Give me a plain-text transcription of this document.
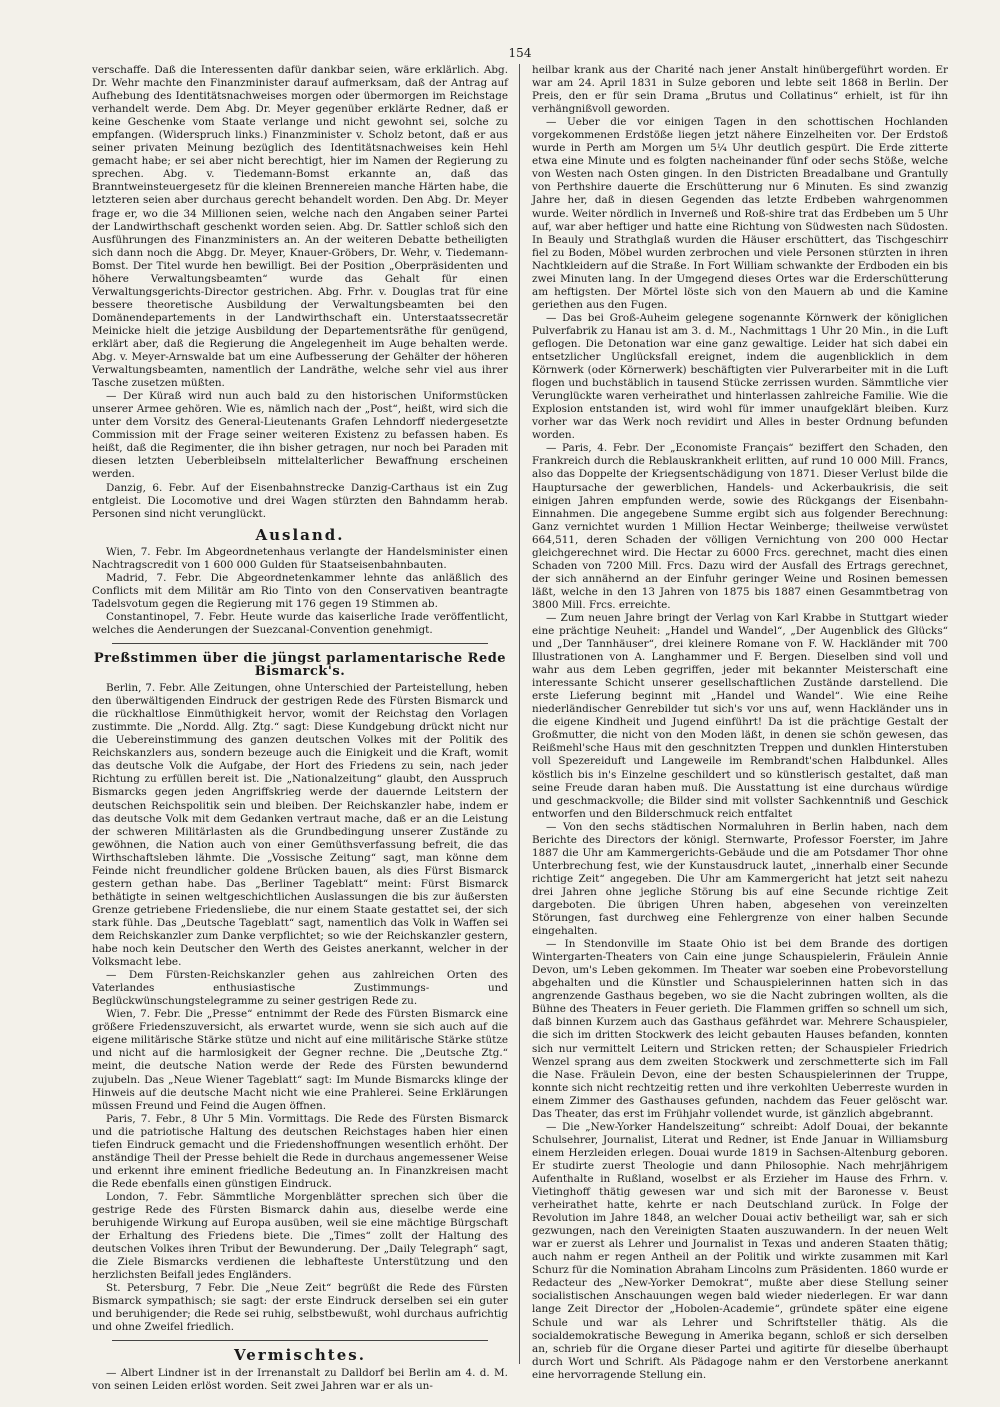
154

verschaffe. Daß die Interessenten dafür dankbar seien, wäre erklärlich. Abg. Dr. Wehr machte den Finanzminister darauf aufmerksam, daß der Antrag auf Aufhebung des Identitätsnachweises morgen oder übermorgen im Reichstage verhandelt werde. Dem Abg. Dr. Meyer gegenüber erklärte Redner, daß er keine Geschenke vom Staate verlange und nicht gewohnt sei, solche zu empfangen. (Widerspruch links.) Finanzminister v. Scholz betont, daß er aus seiner privaten Meinung bezüglich des Identitätsnachweises kein Hehl gemacht habe; er sei aber nicht berechtigt, hier im Namen der Regierung zu sprechen. Abg. v. Tiedemann-Bomst erkannte an, daß das Branntweinsteuergesetz für die kleinen Brennereien manche Härten habe, die letzteren seien aber durchaus gerecht behandelt worden. Den Abg. Dr. Meyer frage er, wo die 34 Millionen seien, welche nach den Angaben seiner Partei der Landwirthschaft geschenkt worden seien. Abg. Dr. Sattler schloß sich den Ausführungen des Finanzministers an. An der weiteren Debatte betheiligten sich dann noch die Abgg. Dr. Meyer, Knauer-Gröbers, Dr. Wehr, v. Tiedemann-Bomst. Der Titel wurde hen bewilligt. Bei der Position „Oberpräsidenten und höhere Verwaltungsbeamten“ wurde das Gehalt für einen Verwaltungsgerichts-Director gestrichen. Abg. Frhr. v. Douglas trat für eine bessere theoretische Ausbildung der Verwaltungsbeamten bei den Domänendepartements in der Landwirthschaft ein. Unterstaatssecretär Meinicke hielt die jetzige Ausbildung der Departementsräthe für genügend, erklärt aber, daß die Regierung die Angelegenheit im Auge behalten werde. Abg. v. Meyer-Arnswalde bat um eine Aufbesserung der Gehälter der höheren Verwaltungsbeamten, namentlich der Landräthe, welche sehr viel aus ihrer Tasche zusetzen müßten.

— Der Küraß wird nun auch bald zu den historischen Uniformstücken unserer Armee gehören. Wie es, nämlich nach der „Post“, heißt, wird sich die unter dem Vorsitz des General-Lieutenants Grafen Lehndorff niedergesetzte Commission mit der Frage seiner weiteren Existenz zu befassen haben. Es heißt, daß die Regimenter, die ihn bisher getragen, nur noch bei Paraden mit diesen letzten Ueberbleibseln mittelalterlicher Bewaffnung erscheinen werden.

Danzig, 6. Febr. Auf der Eisenbahnstrecke Danzig-Carthaus ist ein Zug entgleist. Die Locomotive und drei Wagen stürzten den Bahndamm herab. Personen sind nicht verunglückt.

Ausland.

Wien, 7. Febr. Im Abgeordnetenhaus verlangte der Handelsminister einen Nachtragscredit von 1 600 000 Gulden für Staatseisenbahnbauten.

Madrid, 7. Febr. Die Abgeordnetenkammer lehnte das anläßlich des Conflicts mit dem Militär am Rio Tinto von den Conservativen beantragte Tadelsvotum gegen die Regierung mit 176 gegen 19 Stimmen ab.

Constantinopel, 7. Febr. Heute wurde das kaiserliche Irade veröffentlicht, welches die Aenderungen der Suezcanal-Convention genehmigt.

Preßstimmen über die jüngst parlamentarische Rede Bismarck's.

Berlin, 7. Febr. Alle Zeitungen, ohne Unterschied der Parteistellung, heben den überwältigenden Eindruck der gestrigen Rede des Fürsten Bismarck und die rückhaltlose Einmüthigkeit hervor, womit der Reichstag den Vorlagen zustimmte. Die „Nordd. Allg. Ztg.“ sagt: Diese Kundgebung drückt nicht nur die Uebereinstimmung des ganzen deutschen Volkes mit der Politik des Reichskanzlers aus, sondern bezeuge auch die Einigkeit und die Kraft, womit das deutsche Volk die Aufgabe, der Hort des Friedens zu sein, nach jeder Richtung zu erfüllen bereit ist. Die „Nationalzeitung“ glaubt, den Ausspruch Bismarcks gegen jeden Angriffskrieg werde der dauernde Leitstern der deutschen Reichspolitik sein und bleiben. Der Reichskanzler habe, indem er das deutsche Volk mit dem Gedanken vertraut mache, daß er an die Leistung der schweren Militärlasten als die Grundbedingung unserer Zustände zu gewöhnen, die Nation auch von einer Gemüthsverfassung befreit, die das Wirthschaftsleben lähmte. Die „Vossische Zeitung“ sagt, man könne dem Feinde nicht freundlicher goldene Brücken bauen, als dies Fürst Bismarck gestern gethan habe. Das „Berliner Tageblatt“ meint: Fürst Bismarck bethätigte in seinen weltgeschichtlichen Auslassungen die bis zur äußersten Grenze getriebene Friedensliebe, die nur einem Staate gestattet sei, der sich stark fühle. Das „Deutsche Tageblatt“ sagt, namentlich das Volk in Waffen sei dem Reichskanzler zum Danke verpflichtet; so wie der Reichskanzler gestern, habe noch kein Deutscher den Werth des Geistes anerkannt, welcher in der Volksmacht lebe.

— Dem Fürsten-Reichskanzler gehen aus zahlreichen Orten des Vaterlandes enthusiastische Zustimmungs- und Beglückwünschungstelegramme zu seiner gestrigen Rede zu.

Wien, 7. Febr. Die „Presse“ entnimmt der Rede des Fürsten Bismarck eine größere Friedenszuversicht, als erwartet wurde, wenn sie sich auch auf die eigene militärische Stärke stütze und nicht auf eine militärische Stärke stütze und nicht auf die harmlosigkeit der Gegner rechne. Die „Deutsche Ztg.“ meint, die deutsche Nation werde der Rede des Fürsten bewundernd zujubeln. Das „Neue Wiener Tageblatt“ sagt: Im Munde Bismarcks klinge der Hinweis auf die deutsche Macht nicht wie eine Prahlerei. Seine Erklärungen müssen Freund und Feind die Augen öffnen.

Paris, 7. Febr., 8 Uhr 5 Min. Vormittags. Die Rede des Fürsten Bismarck und die patriotische Haltung des deutschen Reichstages haben hier einen tiefen Eindruck gemacht und die Friedenshoffnungen wesentlich erhöht. Der anständige Theil der Presse behielt die Rede in durchaus angemessener Weise und erkennt ihre eminent friedliche Bedeutung an. In Finanzkreisen macht die Rede ebenfalls einen günstigen Eindruck.

London, 7. Febr. Sämmtliche Morgenblätter sprechen sich über die gestrige Rede des Fürsten Bismarck dahin aus, dieselbe werde eine beruhigende Wirkung auf Europa ausüben, weil sie eine mächtige Bürgschaft der Erhaltung des Friedens biete. Die „Times“ zollt der Haltung des deutschen Volkes ihren Tribut der Bewunderung. Der „Daily Telegraph“ sagt, die Ziele Bismarcks verdienen die lebhafteste Unterstützung und den herzlichsten Beifall jedes Engländers.

St. Petersburg, 7 Febr. Die „Neue Zeit“ begrüßt die Rede des Fürsten Bismarck sympathisch; sie sagt: der erste Eindruck derselben sei ein guter und beruhigender; die Rede sei ruhig, selbstbewußt, wohl durchaus aufrichtig und ohne Zweifel friedlich.

Vermischtes.

— Albert Lindner ist in der Irrenanstalt zu Dalldorf bei Berlin am 4. d. M. von seinen Leiden erlöst worden. Seit zwei Jahren war er als un-

heilbar krank aus der Charité nach jener Anstalt hinübergeführt worden. Er war am 24. April 1831 in Sulze geboren und lebte seit 1868 in Berlin. Der Preis, den er für sein Drama „Brutus und Collatinus“ erhielt, ist für ihn verhängnißvoll geworden.

— Ueber die vor einigen Tagen in den schottischen Hochlanden vorgekommenen Erdstöße liegen jetzt nähere Einzelheiten vor. Der Erdstoß wurde in Perth am Morgen um 5¼ Uhr deutlich gespürt. Die Erde zitterte etwa eine Minute und es folgten nacheinander fünf oder sechs Stöße, welche von Westen nach Osten gingen. In den Districten Breadalbane und Grantully von Perthshire dauerte die Erschütterung nur 6 Minuten. Es sind zwanzig Jahre her, daß in diesen Gegenden das letzte Erdbeben wahrgenommen wurde. Weiter nördlich in Inverneß und Roß-shire trat das Erdbeben um 5 Uhr auf, war aber heftiger und hatte eine Richtung von Südwesten nach Südosten. In Beauly und Strathglaß wurden die Häuser erschüttert, das Tischgeschirr fiel zu Boden, Möbel wurden zerbrochen und viele Personen stürzten in ihren Nachtkleidern auf die Straße. In Fort William schwankte der Erdboden ein bis zwei Minuten lang. In der Umgegend dieses Ortes war die Erderschütterung am heftigsten. Der Mörtel löste sich von den Mauern ab und die Kamine geriethen aus den Fugen.

— Das bei Groß-Auheim gelegene sogenannte Körnwerk der königlichen Pulverfabrik zu Hanau ist am 3. d. M., Nachmittags 1 Uhr 20 Min., in die Luft geflogen. Die Detonation war eine ganz gewaltige. Leider hat sich dabei ein entsetzlicher Unglücksfall ereignet, indem die augenblicklich in dem Körnwerk (oder Körnerwerk) beschäftigten vier Pulverarbeiter mit in die Luft flogen und buchstäblich in tausend Stücke zerrissen wurden. Sämmtliche vier Verunglückte waren verheirathet und hinterlassen zahlreiche Familie. Wie die Explosion entstanden ist, wird wohl für immer unaufgeklärt bleiben. Kurz vorher war das Werk noch revidirt und Alles in bester Ordnung befunden worden.

— Paris, 4. Febr. Der „Economiste Français“ beziffert den Schaden, den Frankreich durch die Reblauskrankheit erlitten, auf rund 10 000 Mill. Francs, also das Doppelte der Kriegsentschädigung von 1871. Dieser Verlust bilde die Hauptursache der gewerblichen, Handels- und Ackerbaukrisis, die seit einigen Jahren empfunden werde, sowie des Rückgangs der Eisenbahn-Einnahmen. Die angegebene Summe ergibt sich aus folgender Berechnung: Ganz vernichtet wurden 1 Million Hectar Weinberge; theilweise verwüstet 664,511, deren Schaden der völligen Vernichtung von 200 000 Hectar gleichgerechnet wird. Die Hectar zu 6000 Frcs. gerechnet, macht dies einen Schaden von 7200 Mill. Frcs. Dazu wird der Ausfall des Ertrags gerechnet, der sich annähernd an der Einfuhr geringer Weine und Rosinen bemessen läßt, welche in den 13 Jahren von 1875 bis 1887 einen Gesammtbetrag von 3800 Mill. Frcs. erreichte.

— Zum neuen Jahre bringt der Verlag von Karl Krabbe in Stuttgart wieder eine prächtige Neuheit: „Handel und Wandel“, „Der Augenblick des Glücks“ und „Der Tannhäuser“, drei kleinere Romane von F. W. Hackländer mit 700 Illustrationen von A. Langhammer und F. Bergen. Dieselben sind voll und wahr aus dem Leben gegriffen, jeder mit bekannter Meisterschaft eine interessante Schicht unserer gesellschaftlichen Zustände darstellend. Die erste Lieferung beginnt mit „Handel und Wandel“. Wie eine Reihe niederländischer Genrebilder tut sich's vor uns auf, wenn Hackländer uns in die eigene Kindheit und Jugend einführt! Da ist die prächtige Gestalt der Großmutter, die nicht von den Moden läßt, in denen sie schön gewesen, das Reißmehl'sche Haus mit den geschnitzten Treppen und dunklen Hinterstuben voll Spezereiduft und Langeweile im Rembrandt'schen Halbdunkel. Alles köstlich bis in's Einzelne geschildert und so künstlerisch gestaltet, daß man seine Freude daran haben muß. Die Ausstattung ist eine durchaus würdige und geschmackvolle; die Bilder sind mit vollster Sachkenntniß und Geschick entworfen und den Bilderschmuck reich entfaltet

— Von den sechs städtischen Normaluhren in Berlin haben, nach dem Berichte des Directors der königl. Sternwarte, Professor Foerster, im Jahre 1887 die Uhr am Kammergerichts-Gebäude und die am Potsdamer Thor ohne Unterbrechung fest, wie der Kunstausdruck lautet, „innerhalb einer Secunde richtige Zeit“ angegeben. Die Uhr am Kammergericht hat jetzt seit nahezu drei Jahren ohne jegliche Störung bis auf eine Secunde richtige Zeit dargeboten. Die übrigen Uhren haben, abgesehen von vereinzelten Störungen, fast durchweg eine Fehlergrenze von einer halben Secunde eingehalten.

— In Stendonville im Staate Ohio ist bei dem Brande des dortigen Wintergarten-Theaters von Cain eine junge Schauspielerin, Fräulein Annie Devon, um's Leben gekommen. Im Theater war soeben eine Probevorstellung abgehalten und die Künstler und Schauspielerinnen hatten sich in das angrenzende Gasthaus begeben, wo sie die Nacht zubringen wollten, als die Bühne des Theaters in Feuer gerieth. Die Flammen griffen so schnell um sich, daß binnen Kurzem auch das Gasthaus gefährdet war. Mehrere Schauspieler, die sich im dritten Stockwerk des leicht gebauten Hauses befanden, konnten sich nur vermittelt Leitern und Stricken retten; der Schauspieler Friedrich Wenzel sprang aus dem zweiten Stockwerk und zerschmetterte sich im Fall die Nase. Fräulein Devon, eine der besten Schauspielerinnen der Truppe, konnte sich nicht rechtzeitig retten und ihre verkohlten Ueberreste wurden in einem Zimmer des Gasthauses gefunden, nachdem das Feuer gelöscht war. Das Theater, das erst im Frühjahr vollendet wurde, ist gänzlich abgebrannt.

— Die „New-Yorker Handelszeitung“ schreibt: Adolf Douai, der bekannte Schulsehrer, Journalist, Literat und Redner, ist Ende Januar in Williamsburg einem Herzleiden erlegen. Douai wurde 1819 in Sachsen-Altenburg geboren. Er studirte zuerst Theologie und dann Philosophie. Nach mehrjährigem Aufenthalte in Rußland, woselbst er als Erzieher im Hause des Frhrn. v. Vietinghoff thätig gewesen war und sich mit der Baronesse v. Beust verheirathet hatte, kehrte er nach Deutschland zurück. In Folge der Revolution im Jahre 1848, an welcher Douai activ betheiligt war, sah er sich gezwungen, nach den Vereinigten Staaten auszuwandern. In der neuen Welt war er zuerst als Lehrer und Journalist in Texas und anderen Staaten thätig; auch nahm er regen Antheil an der Politik und wirkte zusammen mit Karl Schurz für die Nomination Abraham Lincolns zum Präsidenten. 1860 wurde er Redacteur des „New-Yorker Demokrat“, mußte aber diese Stellung seiner socialistischen Anschauungen wegen bald wieder niederlegen. Er war dann lange Zeit Director der „Hobolen-Academie“, gründete später eine eigene Schule und war als Lehrer und Schriftsteller thätig. Als die socialdemokratische Bewegung in Amerika begann, schloß er sich derselben an, schrieb für die Organe dieser Partei und agitirte für dieselbe überhaupt durch Wort und Schrift. Als Pädagoge nahm er den Verstorbene anerkannt eine hervorragende Stellung ein.
